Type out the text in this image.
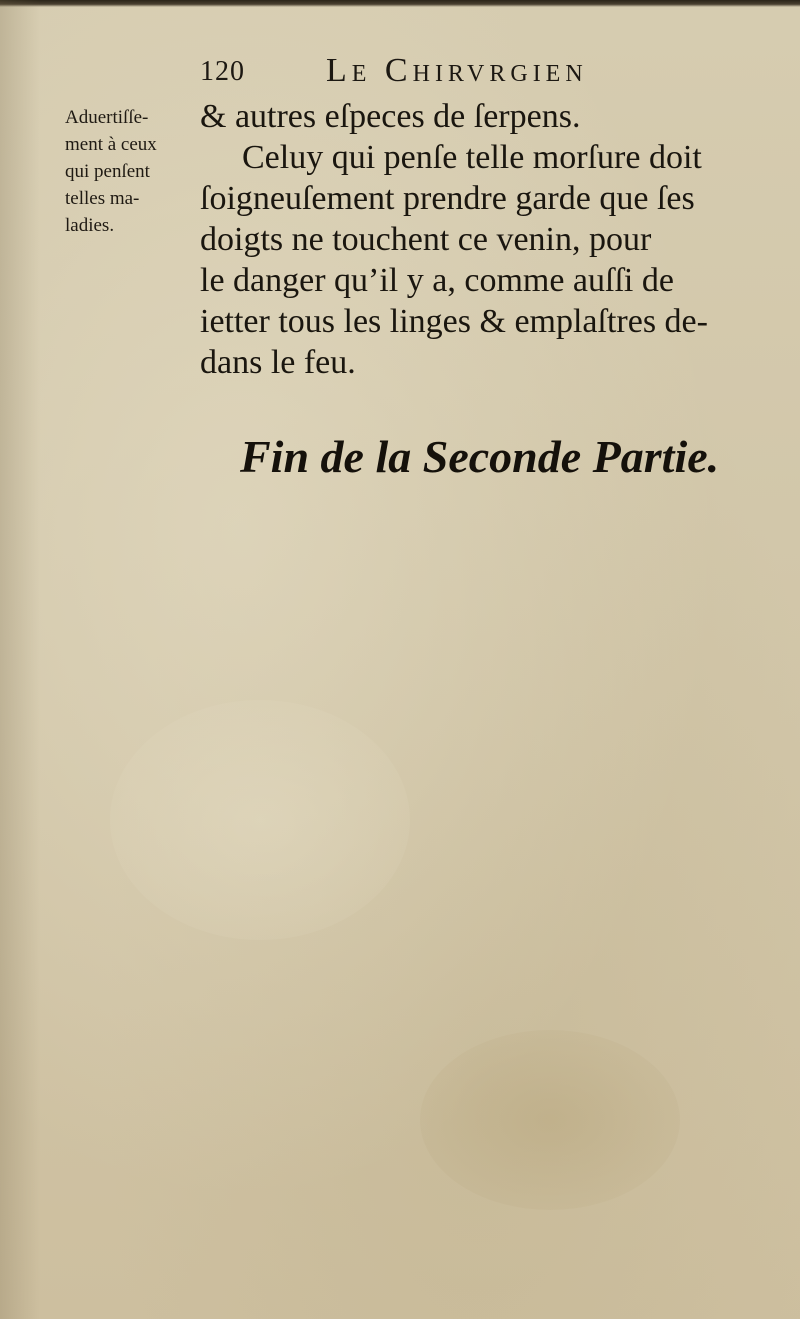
120 Le Chirvrgien
Aduertiſſe-
ment à ceux
qui penſent
telles ma-
ladies.
& autres eſpeces de ſerpens.
Celuy qui penſe telle morſure doit
ſoigneuſement prendre garde que ſes
doigts ne touchent ce venin, pour
le danger qu’il y a, comme auſſi de
ietter tous les linges & emplaſtres de-
dans le feu.
Fin de la Seconde Partie.
